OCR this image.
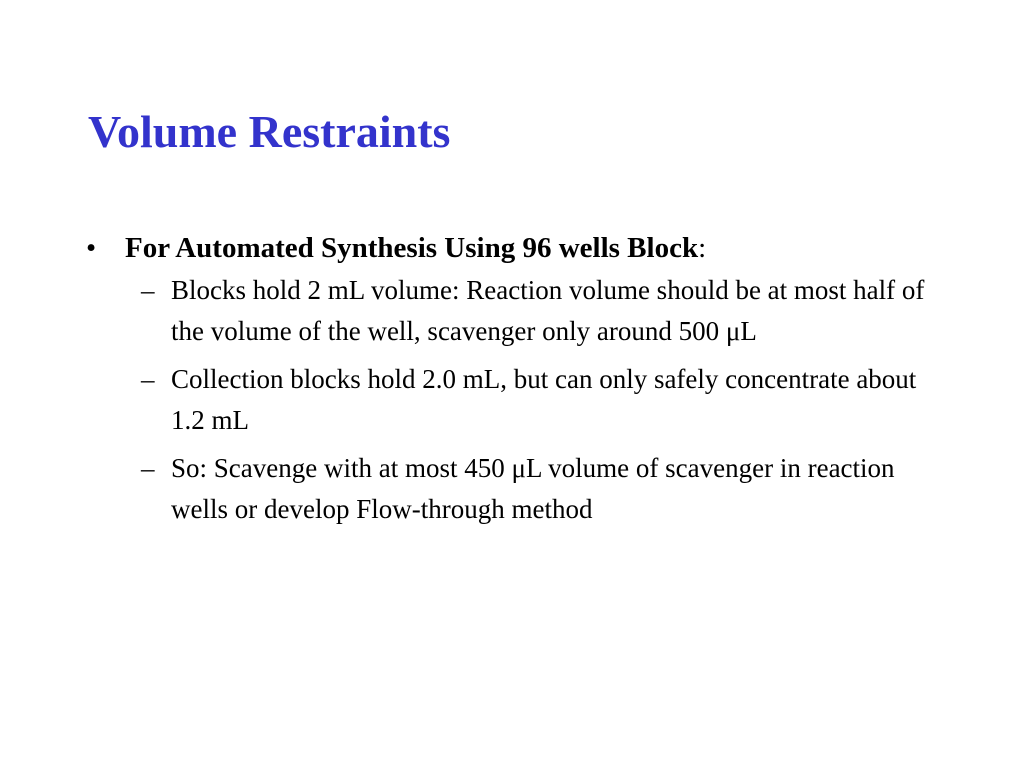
Volume Restraints
• For Automated Synthesis Using 96 wells Block:
– Blocks hold 2 mL volume: Reaction volume should be at most half of the volume of the well, scavenger only around 500 μL
– Collection blocks hold 2.0 mL, but can only safely concentrate about 1.2 mL
– So: Scavenge with at most 450 μL volume of scavenger in reaction wells or develop Flow-through method
